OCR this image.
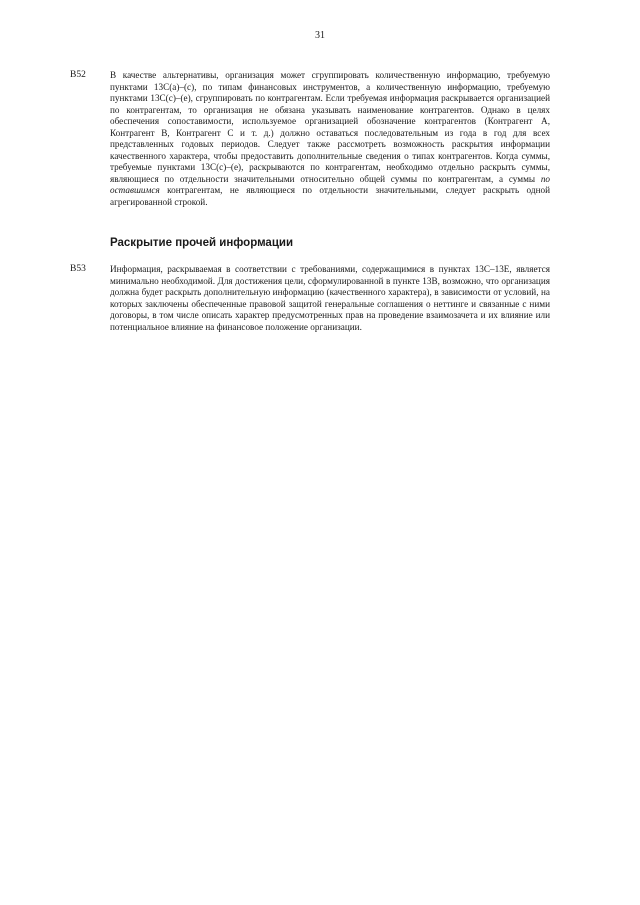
31
B52	В качестве альтернативы, организация может сгруппировать количественную информацию, требуемую пунктами 13С(a)–(c), по типам финансовых инструментов, а количественную информацию, требуемую пунктами 13С(с)–(e), сгруппировать по контрагентам. Если требуемая информация раскрывается организацией по контрагентам, то организация не обязана указывать наименование контрагентов. Однако в целях обеспечения сопоставимости, используемое организацией обозначение контрагентов (Контрагент А, Контрагент В, Контрагент С и т. д.) должно оставаться последовательным из года в год для всех представленных годовых периодов. Следует также рассмотреть возможность раскрытия информации качественного характера, чтобы предоставить дополнительные сведения о типах контрагентов. Когда суммы, требуемые пунктами 13С(с)–(e), раскрываются по контрагентам, необходимо отдельно раскрыть суммы, являющиеся по отдельности значительными относительно общей суммы по контрагентам, а суммы по оставшимся контрагентам, не являющиеся по отдельности значительными, следует раскрыть одной агрегированной строкой.
Раскрытие прочей информации
B53	Информация, раскрываемая в соответствии с требованиями, содержащимися в пунктах 13С–13Е, является минимально необходимой. Для достижения цели, сформулированной в пункте 13В, возможно, что организация должна будет раскрыть дополнительную информацию (качественного характера), в зависимости от условий, на которых заключены обеспеченные правовой защитой генеральные соглашения о неттинге и связанные с ними договоры, в том числе описать характер предусмотренных прав на проведение взаимозачета и их влияние или потенциальное влияние на финансовое положение организации.
